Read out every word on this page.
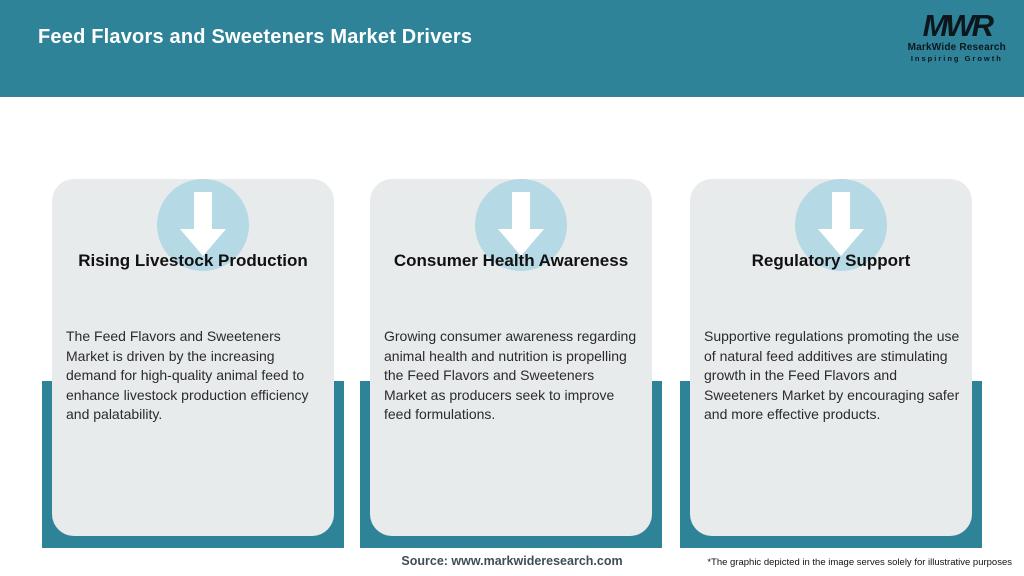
Feed Flavors and Sweeteners Market Drivers	MWR
MarkWide Research
Inspiring Growth
Rising Livestock Production

The Feed Flavors and Sweeteners Market is driven by the increasing demand for high-quality animal feed to enhance livestock production efficiency and palatability.

Consumer Health Awareness

Growing consumer awareness regarding animal health and nutrition is propelling the Feed Flavors and Sweeteners Market as producers seek to improve feed formulations.

Regulatory Support

Supportive regulations promoting the use of natural feed additives are stimulating growth in the Feed Flavors and Sweeteners Market by encouraging safer and more effective products.

Source: www.markwideresearch.com	*The graphic depicted in the image serves solely for illustrative purposes
